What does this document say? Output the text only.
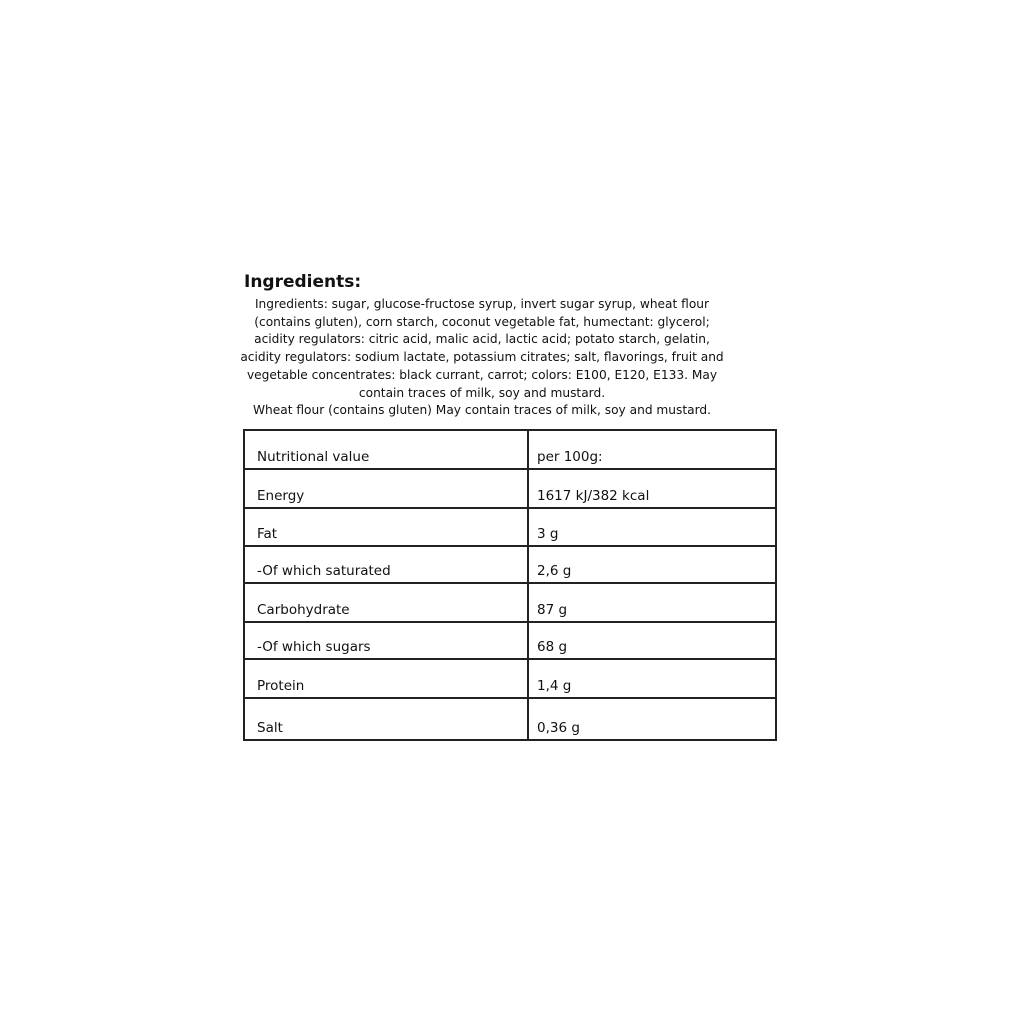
Ingredients:

Ingredients: sugar, glucose-fructose syrup, invert sugar syrup, wheat flour (contains gluten), corn starch, coconut vegetable fat, humectant: glycerol; acidity regulators: citric acid, malic acid, lactic acid; potato starch, gelatin, acidity regulators: sodium lactate, potassium citrates; salt, flavorings, fruit and vegetable concentrates: black currant, carrot; colors: E100, E120, E133. May contain traces of milk, soy and mustard.

Wheat flour (contains gluten) May contain traces of milk, soy and mustard.

Nutritional value	per 100g:
Energy	1617 kJ/382 kcal
Fat	3 g
-Of which saturated	2,6 g
Carbohydrate	87 g
-Of which sugars	68 g
Protein	1,4 g
Salt	0,36 g
